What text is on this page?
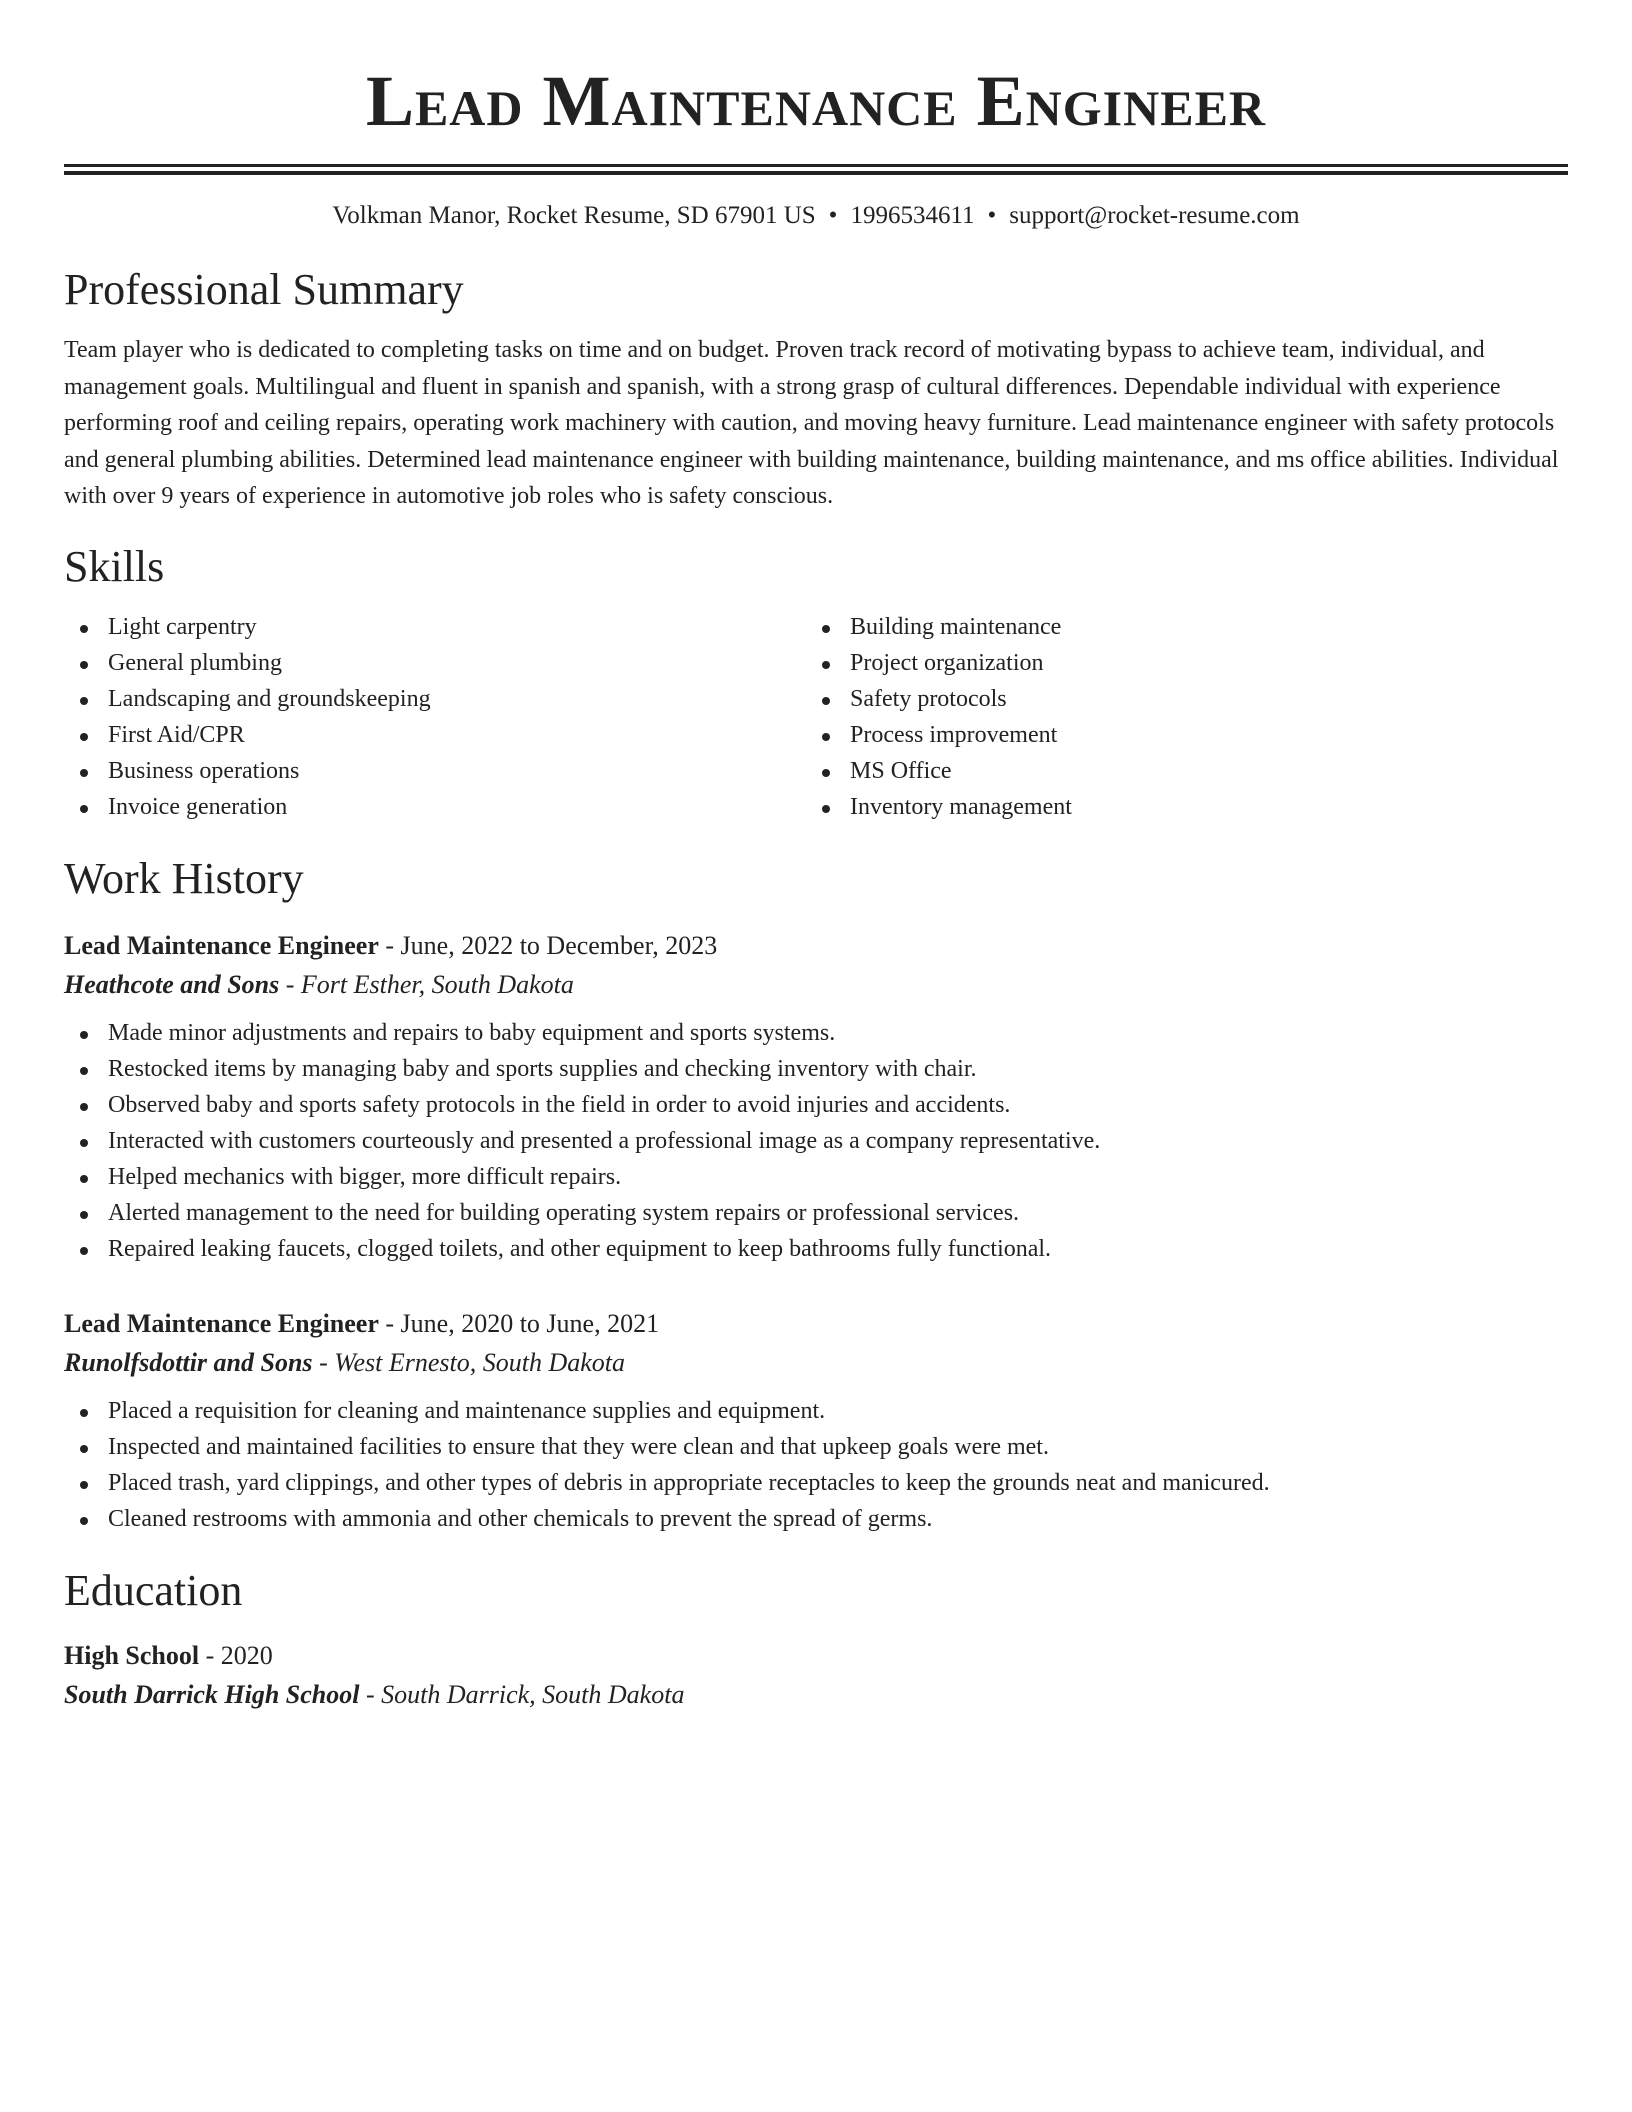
Lead Maintenance Engineer
Volkman Manor, Rocket Resume, SD 67901 US • 1996534611 • support@rocket-resume.com
Professional Summary

Team player who is dedicated to completing tasks on time and on budget. Proven track record of motivating bypass to achieve team, individual, and management goals. Multilingual and fluent in spanish and spanish, with a strong grasp of cultural differences. Dependable individual with experience performing roof and ceiling repairs, operating work machinery with caution, and moving heavy furniture. Lead maintenance engineer with safety protocols and general plumbing abilities. Determined lead maintenance engineer with building maintenance, building maintenance, and ms office abilities. Individual with over 9 years of experience in automotive job roles who is safety conscious.

Skills
Light carpentry
General plumbing
Landscaping and groundskeeping
First Aid/CPR
Business operations
Invoice generation
Building maintenance
Project organization
Safety protocols
Process improvement
MS Office
Inventory management
Work History
Lead Maintenance Engineer - June, 2022 to December, 2023
Heathcote and Sons - Fort Esther, South Dakota
Made minor adjustments and repairs to baby equipment and sports systems.
Restocked items by managing baby and sports supplies and checking inventory with chair.
Observed baby and sports safety protocols in the field in order to avoid injuries and accidents.
Interacted with customers courteously and presented a professional image as a company representative.
Helped mechanics with bigger, more difficult repairs.
Alerted management to the need for building operating system repairs or professional services.
Repaired leaking faucets, clogged toilets, and other equipment to keep bathrooms fully functional.
Lead Maintenance Engineer - June, 2020 to June, 2021
Runolfsdottir and Sons - West Ernesto, South Dakota
Placed a requisition for cleaning and maintenance supplies and equipment.
Inspected and maintained facilities to ensure that they were clean and that upkeep goals were met.
Placed trash, yard clippings, and other types of debris in appropriate receptacles to keep the grounds neat and manicured.
Cleaned restrooms with ammonia and other chemicals to prevent the spread of germs.
Education
High School - 2020
South Darrick High School - South Darrick, South Dakota
